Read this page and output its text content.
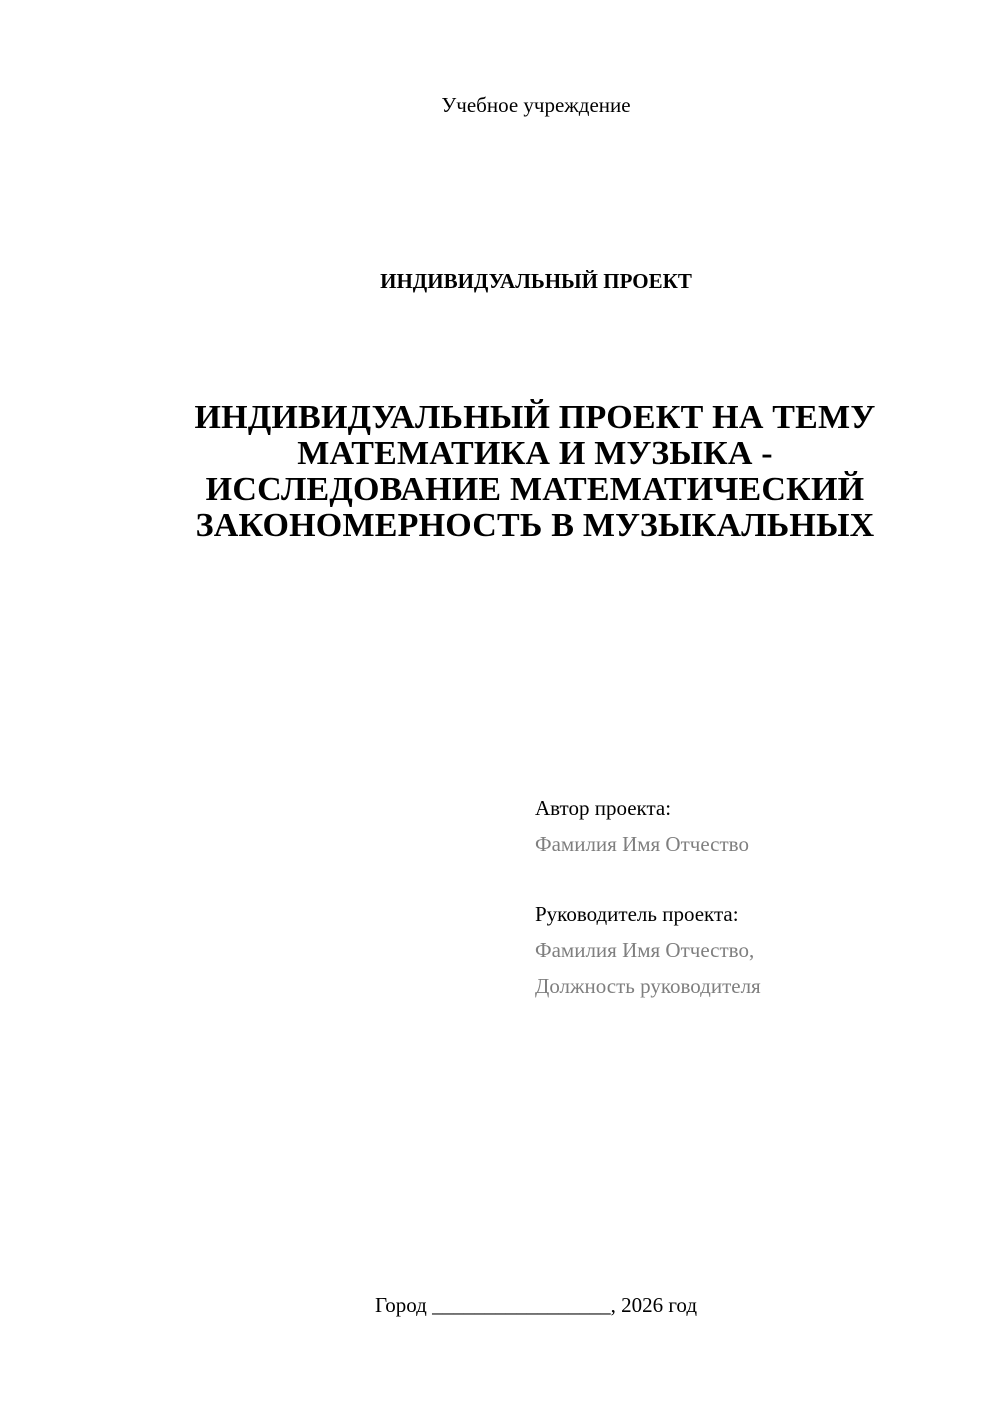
Учебное учреждение
ИНДИВИДУАЛЬНЫЙ ПРОЕКТ
ИНДИВИДУАЛЬНЫЙ ПРОЕКТ НА ТЕМУ
МАТЕМАТИКА И МУЗЫКА -
ИССЛЕДОВАНИЕ МАТЕМАТИЧЕСКИЙ
ЗАКОНОМЕРНОСТЬ В МУЗЫКАЛЬНЫХ
Автор проекта:
Фамилия Имя Отчество
Руководитель проекта:
Фамилия Имя Отчество,
Должность руководителя
Город _________________, 2026 год
